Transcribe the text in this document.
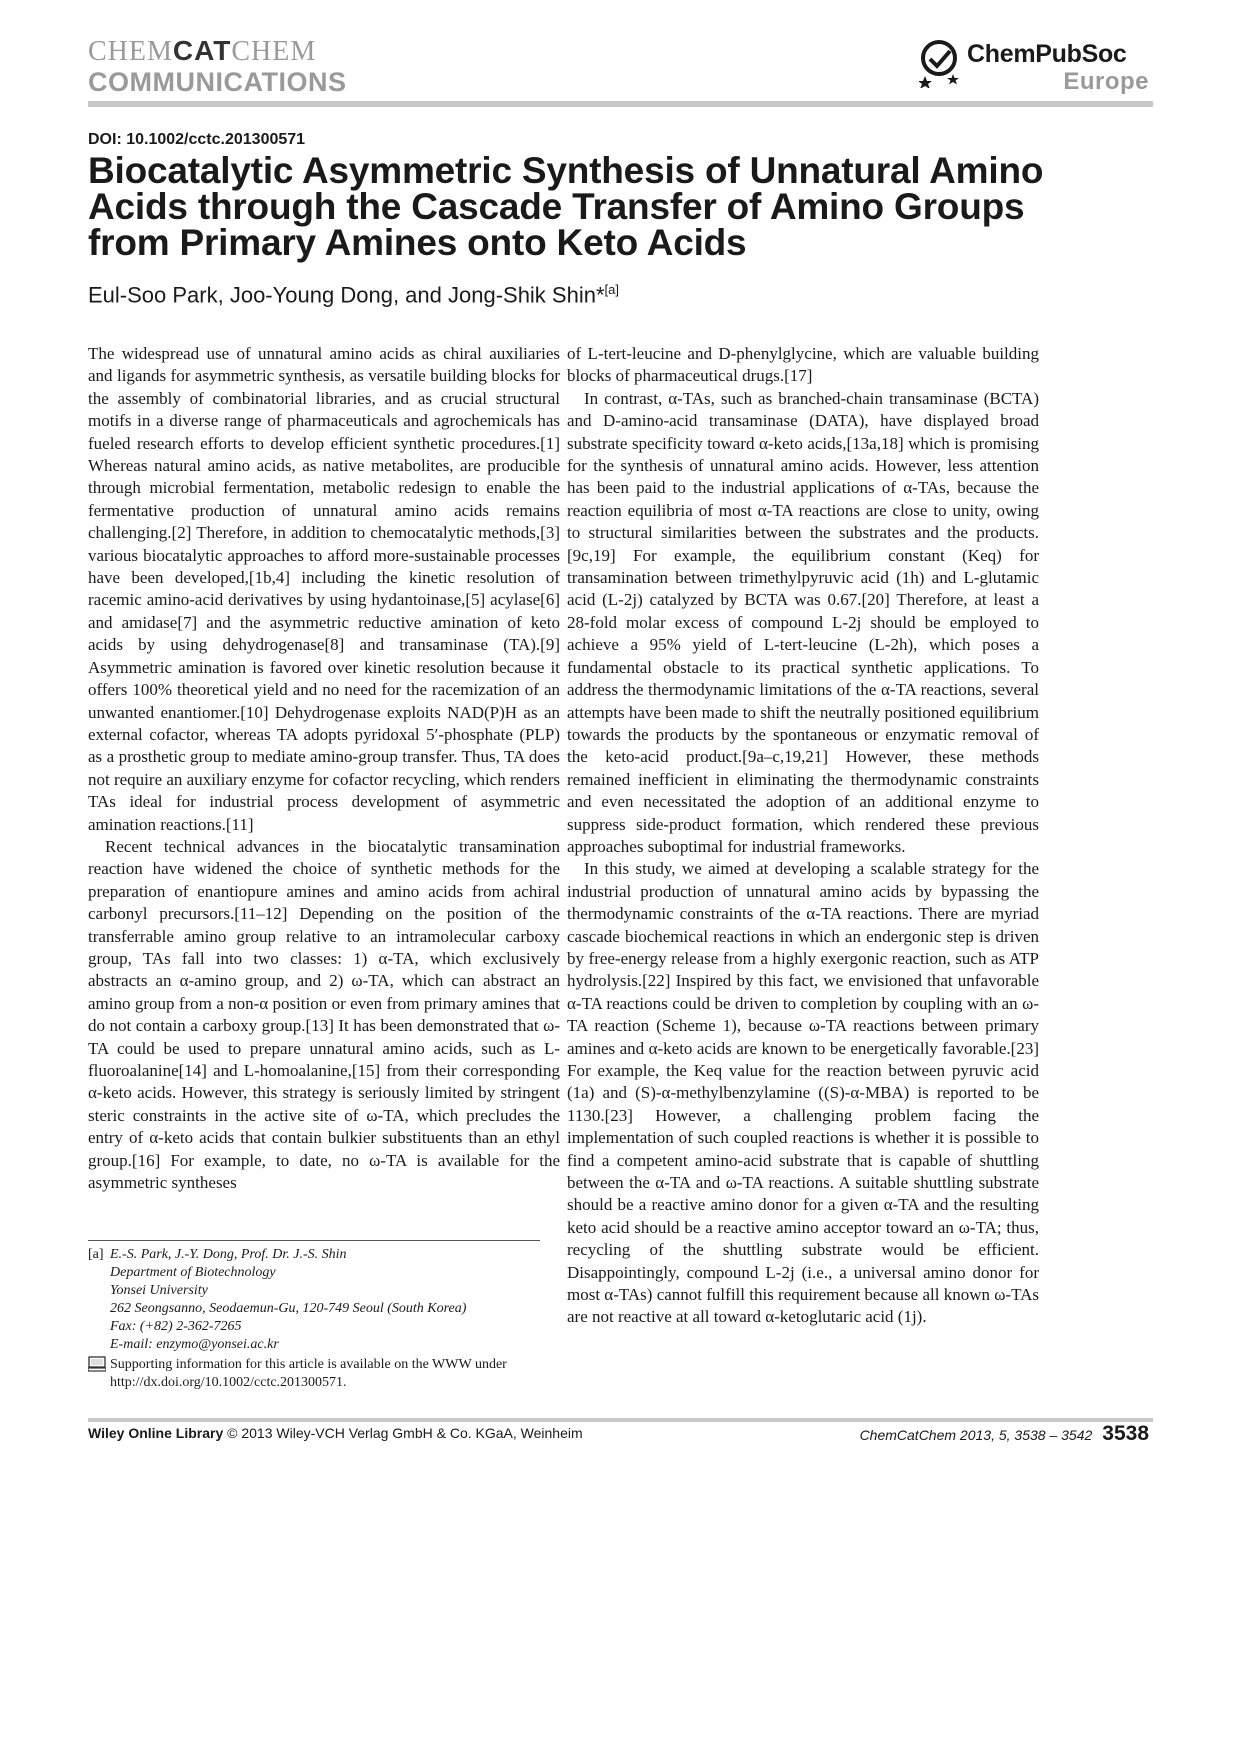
CHEMCATCHEM
COMMUNICATIONS
ChemPubSoc
Europe
DOI: 10.1002/cctc.201300571
Biocatalytic Asymmetric Synthesis of Unnatural Amino Acids through the Cascade Transfer of Amino Groups from Primary Amines onto Keto Acids
Eul-Soo Park, Joo-Young Dong, and Jong-Shik Shin*[a]

The widespread use of unnatural amino acids as chiral auxiliaries and ligands for asymmetric synthesis, as versatile building blocks for the assembly of combinatorial libraries, and as crucial structural motifs in a diverse range of pharmaceuticals and agrochemicals has fueled research efforts to develop efficient synthetic procedures.[1] Whereas natural amino acids, as native metabolites, are producible through microbial fermentation, metabolic redesign to enable the fermentative production of unnatural amino acids remains challenging.[2] Therefore, in addition to chemocatalytic methods,[3] various biocatalytic approaches to afford more-sustainable processes have been developed,[1b,4] including the kinetic resolution of racemic amino-acid derivatives by using hydantoinase,[5] acylase[6] and amidase[7] and the asymmetric reductive amination of keto acids by using dehydrogenase[8] and transaminase (TA).[9] Asymmetric amination is favored over kinetic resolution because it offers 100% theoretical yield and no need for the racemization of an unwanted enantiomer.[10] Dehydrogenase exploits NAD(P)H as an external cofactor, whereas TA adopts pyridoxal 5′-phosphate (PLP) as a prosthetic group to mediate amino-group transfer. Thus, TA does not require an auxiliary enzyme for cofactor recycling, which renders TAs ideal for industrial process development of asymmetric amination reactions.[11]

Recent technical advances in the biocatalytic transamination reaction have widened the choice of synthetic methods for the preparation of enantiopure amines and amino acids from achiral carbonyl precursors.[11–12] Depending on the position of the transferrable amino group relative to an intramolecular carboxy group, TAs fall into two classes: 1) α-TA, which exclusively abstracts an α-amino group, and 2) ω-TA, which can abstract an amino group from a non-α position or even from primary amines that do not contain a carboxy group.[13] It has been demonstrated that ω-TA could be used to prepare unnatural amino acids, such as L-fluoroalanine[14] and L-homoalanine,[15] from their corresponding α-keto acids. However, this strategy is seriously limited by stringent steric constraints in the active site of ω-TA, which precludes the entry of α-keto acids that contain bulkier substituents than an ethyl group.[16] For example, to date, no ω-TA is available for the asymmetric syntheses

of L-tert-leucine and D-phenylglycine, which are valuable building blocks of pharmaceutical drugs.[17]

In contrast, α-TAs, such as branched-chain transaminase (BCTA) and D-amino-acid transaminase (DATA), have displayed broad substrate specificity toward α-keto acids,[13a,18] which is promising for the synthesis of unnatural amino acids. However, less attention has been paid to the industrial applications of α-TAs, because the reaction equilibria of most α-TA reactions are close to unity, owing to structural similarities between the substrates and the products.[9c,19] For example, the equilibrium constant (Keq) for transamination between trimethylpyruvic acid (1h) and L-glutamic acid (L-2j) catalyzed by BCTA was 0.67.[20] Therefore, at least a 28-fold molar excess of compound L-2j should be employed to achieve a 95% yield of L-tert-leucine (L-2h), which poses a fundamental obstacle to its practical synthetic applications. To address the thermodynamic limitations of the α-TA reactions, several attempts have been made to shift the neutrally positioned equilibrium towards the products by the spontaneous or enzymatic removal of the keto-acid product.[9a–c,19,21] However, these methods remained inefficient in eliminating the thermodynamic constraints and even necessitated the adoption of an additional enzyme to suppress side-product formation, which rendered these previous approaches suboptimal for industrial frameworks.

In this study, we aimed at developing a scalable strategy for the industrial production of unnatural amino acids by bypassing the thermodynamic constraints of the α-TA reactions. There are myriad cascade biochemical reactions in which an endergonic step is driven by free-energy release from a highly exergonic reaction, such as ATP hydrolysis.[22] Inspired by this fact, we envisioned that unfavorable α-TA reactions could be driven to completion by coupling with an ω-TA reaction (Scheme 1), because ω-TA reactions between primary amines and α-keto acids are known to be energetically favorable.[23] For example, the Keq value for the reaction between pyruvic acid (1a) and (S)-α-methylbenzylamine ((S)-α-MBA) is reported to be 1130.[23] However, a challenging problem facing the implementation of such coupled reactions is whether it is possible to find a competent amino-acid substrate that is capable of shuttling between the α-TA and ω-TA reactions. A suitable shuttling substrate should be a reactive amino donor for a given α-TA and the resulting keto acid should be a reactive amino acceptor toward an ω-TA; thus, recycling of the shuttling substrate would be efficient. Disappointingly, compound L-2j (i.e., a universal amino donor for most α-TAs) cannot fulfill this requirement because all known ω-TAs are not reactive at all toward α-ketoglutaric acid (1j).

[a] E.-S. Park, J.-Y. Dong, Prof. Dr. J.-S. Shin
Department of Biotechnology
Yonsei University
262 Seongsanno, Seodaemun-Gu, 120-749 Seoul (South Korea)
Fax: (+82) 2-362-7265
E-mail: enzymo@yonsei.ac.kr
Supporting information for this article is available on the WWW under http://dx.doi.org/10.1002/cctc.201300571.
Wiley Online Library © 2013 Wiley-VCH Verlag GmbH & Co. KGaA, Weinheim	ChemCatChem 2013, 5, 3538 – 3542 3538
